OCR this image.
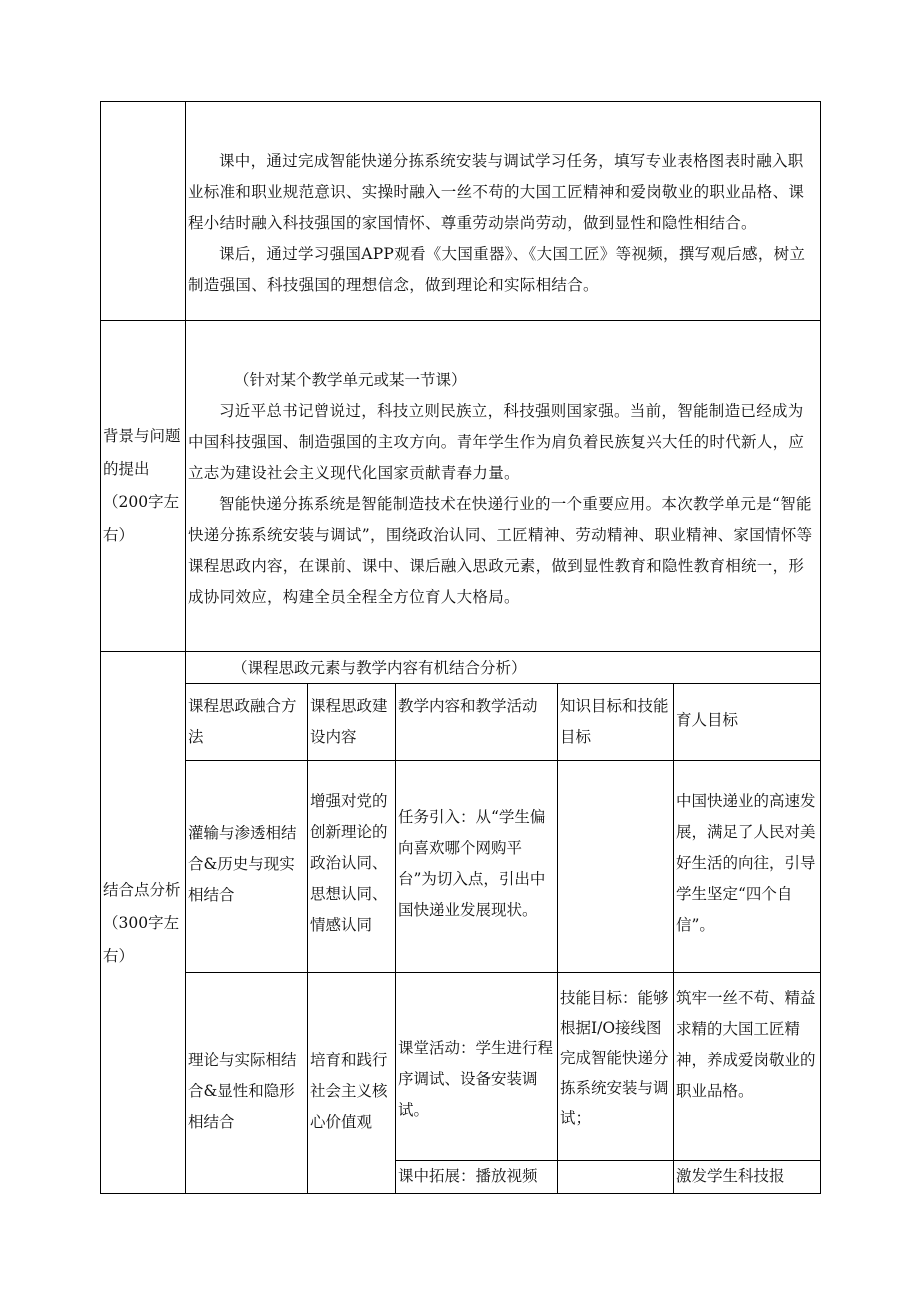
课中，通过完成智能快递分拣系统安装与调试学习任务，填写专业表格图表时融入职业标准和职业规范意识、实操时融入一丝不苟的大国工匠精神和爱岗敬业的职业品格、课程小结时融入科技强国的家国情怀、尊重劳动崇尚劳动，做到显性和隐性相结合。

课后，通过学习强国APP观看《大国重器》、《大国工匠》等视频，撰写观后感，树立制造强国、科技强国的理想信念，做到理论和实际相结合。

背景与问题的提出（200字左右）

（针对某个教学单元或某一节课）

习近平总书记曾说过，科技立则民族立，科技强则国家强。当前，智能制造已经成为中国科技强国、制造强国的主攻方向。青年学生作为肩负着民族复兴大任的时代新人，应立志为建设社会主义现代化国家贡献青春力量。

智能快递分拣系统是智能制造技术在快递行业的一个重要应用。本次教学单元是“智能快递分拣系统安装与调试”，围绕政治认同、工匠精神、劳动精神、职业精神、家国情怀等课程思政内容，在课前、课中、课后融入思政元素，做到显性教育和隐性教育相统一，形成协同效应，构建全员全程全方位育人大格局。

结合点分析（300字左右）
（课程思政元素与教学内容有机结合分析）
课程思政融合方法
课程思政建设内容
教学内容和教学活动	知识目标和技能目标
育人目标
灌输与渗透相结合&历史与现实相结合
增强对党的创新理论的政治认同、思想认同、情感认同
任务引入：从“学生偏向喜欢哪个网购平台”为切入点，引出中国快递业发展现状。
中国快递业的高速发展，满足了人民对美好生活的向往，引导学生坚定“四个自信”。
理论与实际相结合&显性和隐形相结合
培育和践行社会主义核心价值观
课堂活动：学生进行程序调试、设备安装调试。
技能目标：能够根据I/O接线图完成智能快递分拣系统安装与调试；
筑牢一丝不苟、精益求精的大国工匠精神，养成爱岗敬业的职业品格。
课中拓展：播放视频	激发学生科技报
